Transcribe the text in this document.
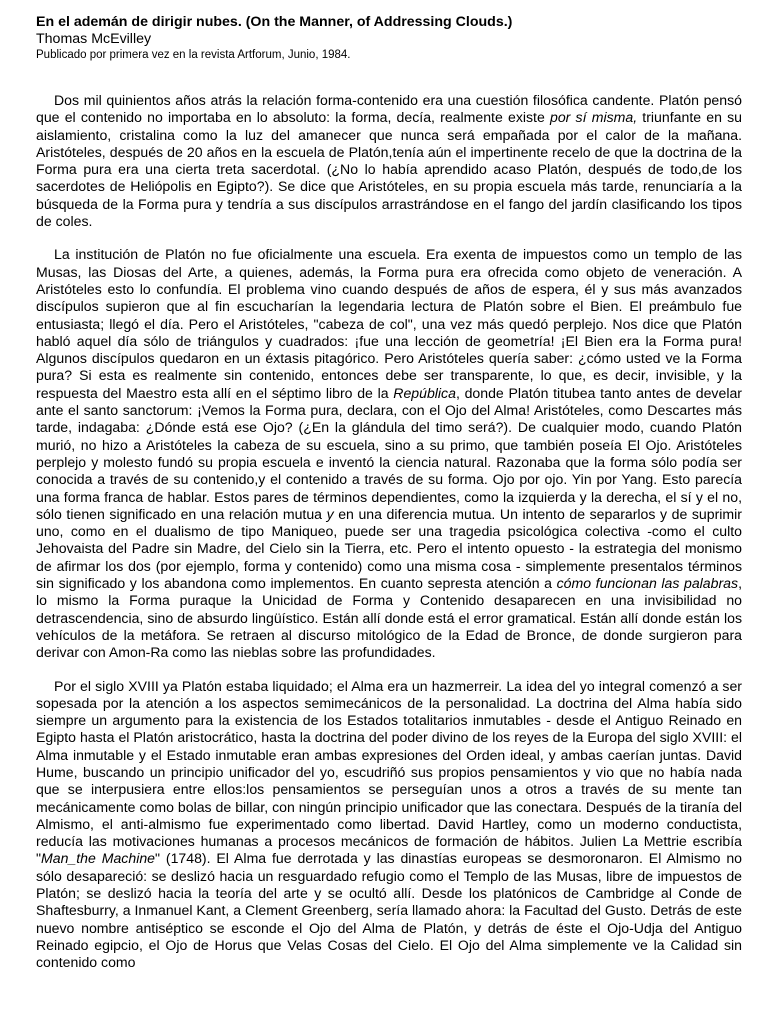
En el ademán de dirigir nubes. (On the Manner, of Addressing Clouds.)

Thomas McEvilley

Publicado por primera vez en la revista Artforum, Junio, 1984.

Dos mil quinientos años atrás la relación forma-contenido era una cuestión filosófica candente. Platón pensó que el contenido no importaba en lo absoluto: la forma, decía, realmente existe por sí misma, triunfante en su aislamiento, cristalina como la luz del amanecer que nunca será empañada por el calor de la mañana. Aristóteles, después de 20 años en la escuela de Platón,tenía aún el impertinente recelo de que la doctrina de la Forma pura era una cierta treta sacerdotal. (¿No lo había aprendido acaso Platón, después de todo,de los sacerdotes de Heliópolis en Egipto?). Se dice que Aristóteles, en su propia escuela más tarde, renunciaría a la búsqueda de la Forma pura y tendría a sus discípulos arrastrándose en el fango del jardín clasificando los tipos de coles.

La institución de Platón no fue oficialmente una escuela. Era exenta de impuestos como un templo de las Musas, las Diosas del Arte, a quienes, además, la Forma pura era ofrecida como objeto de veneración. A Aristóteles esto lo confundía. El problema vino cuando después de años de espera, él y sus más avanzados discípulos supieron que al fin escucharían la legendaria lectura de Platón sobre el Bien. El preámbulo fue entusiasta; llegó el día. Pero el Aristóteles, "cabeza de col", una vez más quedó perplejo. Nos dice que Platón habló aquel día sólo de triángulos y cuadrados: ¡fue una lección de geometría! ¡El Bien era la Forma pura! Algunos discípulos quedaron en un éxtasis pitagórico. Pero Aristóteles quería saber: ¿cómo usted ve la Forma pura? Si esta es realmente sin contenido, entonces debe ser transparente, lo que, es decir, invisible, y la respuesta del Maestro esta allí en el séptimo libro de la República, donde Platón titubea tanto antes de develar ante el santo sanctorum: ¡Vemos la Forma pura, declara, con el Ojo del Alma! Aristóteles, como Descartes más tarde, indagaba: ¿Dónde está ese Ojo? (¿En la glándula del timo será?). De cualquier modo, cuando Platón murió, no hizo a Aristóteles la cabeza de su escuela, sino a su primo, que también poseía El Ojo. Aristóteles perplejo y molesto fundó su propia escuela e inventó la ciencia natural. Razonaba que la forma sólo podía ser conocida a través de su contenido,y el contenido a través de su forma. Ojo por ojo. Yin por Yang. Esto parecía una forma franca de hablar. Estos pares de términos dependientes, como la izquierda y la derecha, el sí y el no, sólo tienen significado en una relación mutua y en una diferencia mutua. Un intento de separarlos y de suprimir uno, como en el dualismo de tipo Maniqueo, puede ser una tragedia psicológica colectiva -como el culto Jehovaista del Padre sin Madre, del Cielo sin la Tierra, etc. Pero el intento opuesto - la estrategia del monismo de afirmar los dos (por ejemplo, forma y contenido) como una misma cosa - simplemente presentalos términos sin significado y los abandona como implementos. En cuanto sepresta atención a cómo funcionan las palabras, lo mismo la Forma puraque la Unicidad de Forma y Contenido desaparecen en una invisibilidad no detrascendencia, sino de absurdo lingüístico. Están allí donde está el error gramatical. Están allí donde están los vehículos de la metáfora. Se retraen al discurso mitológico de la Edad de Bronce, de donde surgieron para derivar con Amon-Ra como las nieblas sobre las profundidades.

Por el siglo XVIII ya Platón estaba liquidado; el Alma era un hazmerreir. La idea del yo integral comenzó a ser sopesada por la atención a los aspectos semimecánicos de la personalidad. La doctrina del Alma había sido siempre un argumento para la existencia de los Estados totalitarios inmutables - desde el Antiguo Reinado en Egipto hasta el Platón aristocrático, hasta la doctrina del poder divino de los reyes de la Europa del siglo XVIII: el Alma inmutable y el Estado inmutable eran ambas expresiones del Orden ideal, y ambas caerían juntas. David Hume, buscando un principio unificador del yo, escudriñó sus propios pensamientos y vio que no había nada que se interpusiera entre ellos:los pensamientos se perseguían unos a otros a través de su mente tan mecánicamente como bolas de billar, con ningún principio unificador que las conectara. Después de la tiranía del Almismo, el anti-almismo fue experimentado como libertad. David Hartley, como un moderno conductista, reducía las motivaciones humanas a procesos mecánicos de formación de hábitos. Julien La Mettrie escribía "Man_the Machine" (1748). El Alma fue derrotada y las dinastías europeas se desmoronaron. El Almismo no sólo desapareció: se deslizó hacia un resguardado refugio como el Templo de las Musas, libre de impuestos de Platón; se deslizó hacia la teoría del arte y se ocultó allí. Desde los platónicos de Cambridge al Conde de Shaftesburry, a Inmanuel Kant, a Clement Greenberg, sería llamado ahora: la Facultad del Gusto. Detrás de este nuevo nombre antiséptico se esconde el Ojo del Alma de Platón, y detrás de éste el Ojo-Udja del Antiguo Reinado egipcio, el Ojo de Horus que Velas Cosas del Cielo. El Ojo del Alma simplemente ve la Calidad sin contenido como
